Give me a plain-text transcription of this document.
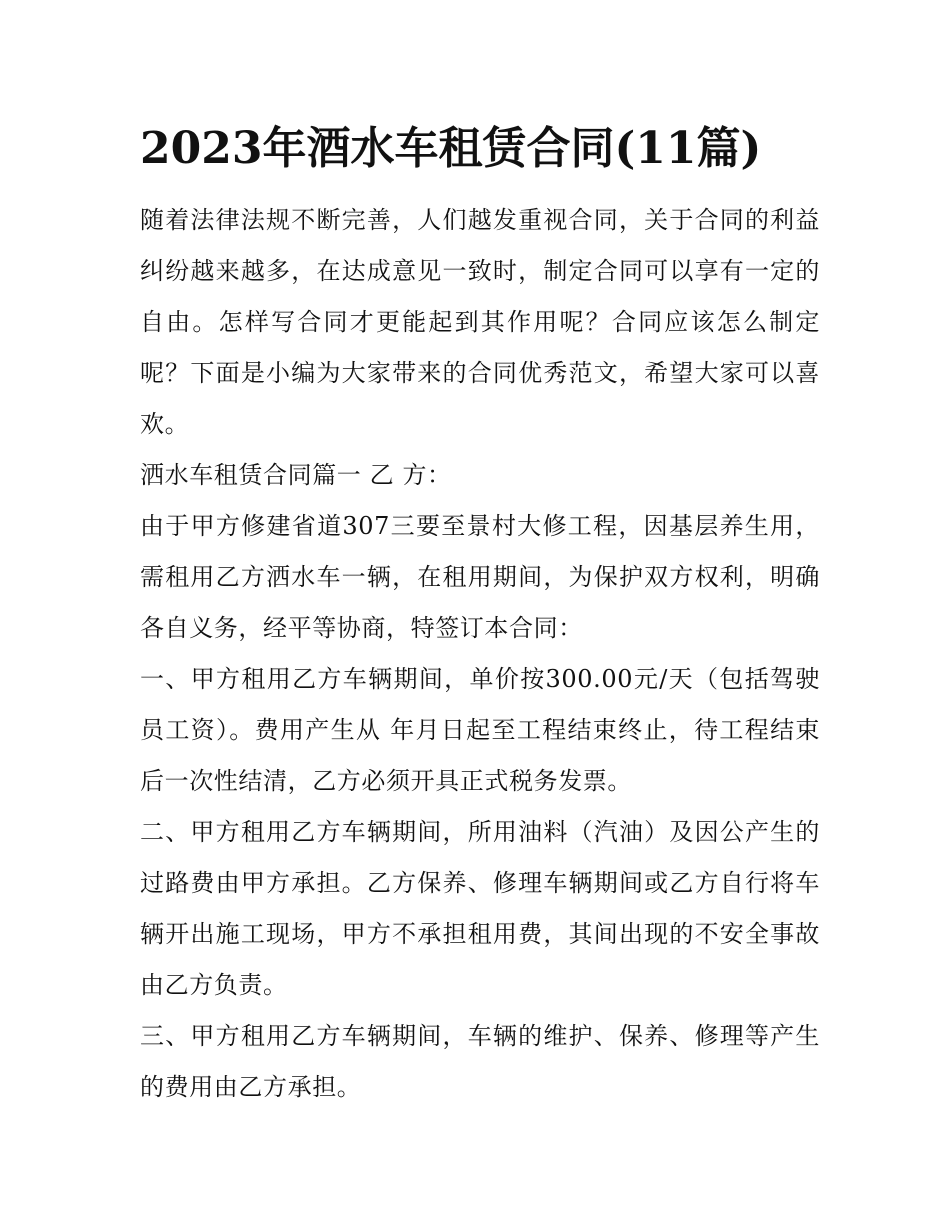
2023年酒水车租赁合同(11篇)

随着法律法规不断完善，人们越发重视合同，关于合同的利益纠纷越来越多，在达成意见一致时，制定合同可以享有一定的自由。怎样写合同才更能起到其作用呢？合同应该怎么制定呢？下面是小编为大家带来的合同优秀范文，希望大家可以喜欢。

洒水车租赁合同篇一 乙 方：

由于甲方修建省道307三要至景村大修工程，因基层养生用，需租用乙方洒水车一辆，在租用期间，为保护双方权利，明确各自义务，经平等协商，特签订本合同：

一、甲方租用乙方车辆期间，单价按300.00元/天（包括驾驶员工资）。费用产生从 年月日起至工程结束终止，待工程结束后一次性结清，乙方必须开具正式税务发票。

二、甲方租用乙方车辆期间，所用油料（汽油）及因公产生的过路费由甲方承担。乙方保养、修理车辆期间或乙方自行将车辆开出施工现场，甲方不承担租用费，其间出现的不安全事故由乙方负责。

三、甲方租用乙方车辆期间，车辆的维护、保养、修理等产生的费用由乙方承担。
